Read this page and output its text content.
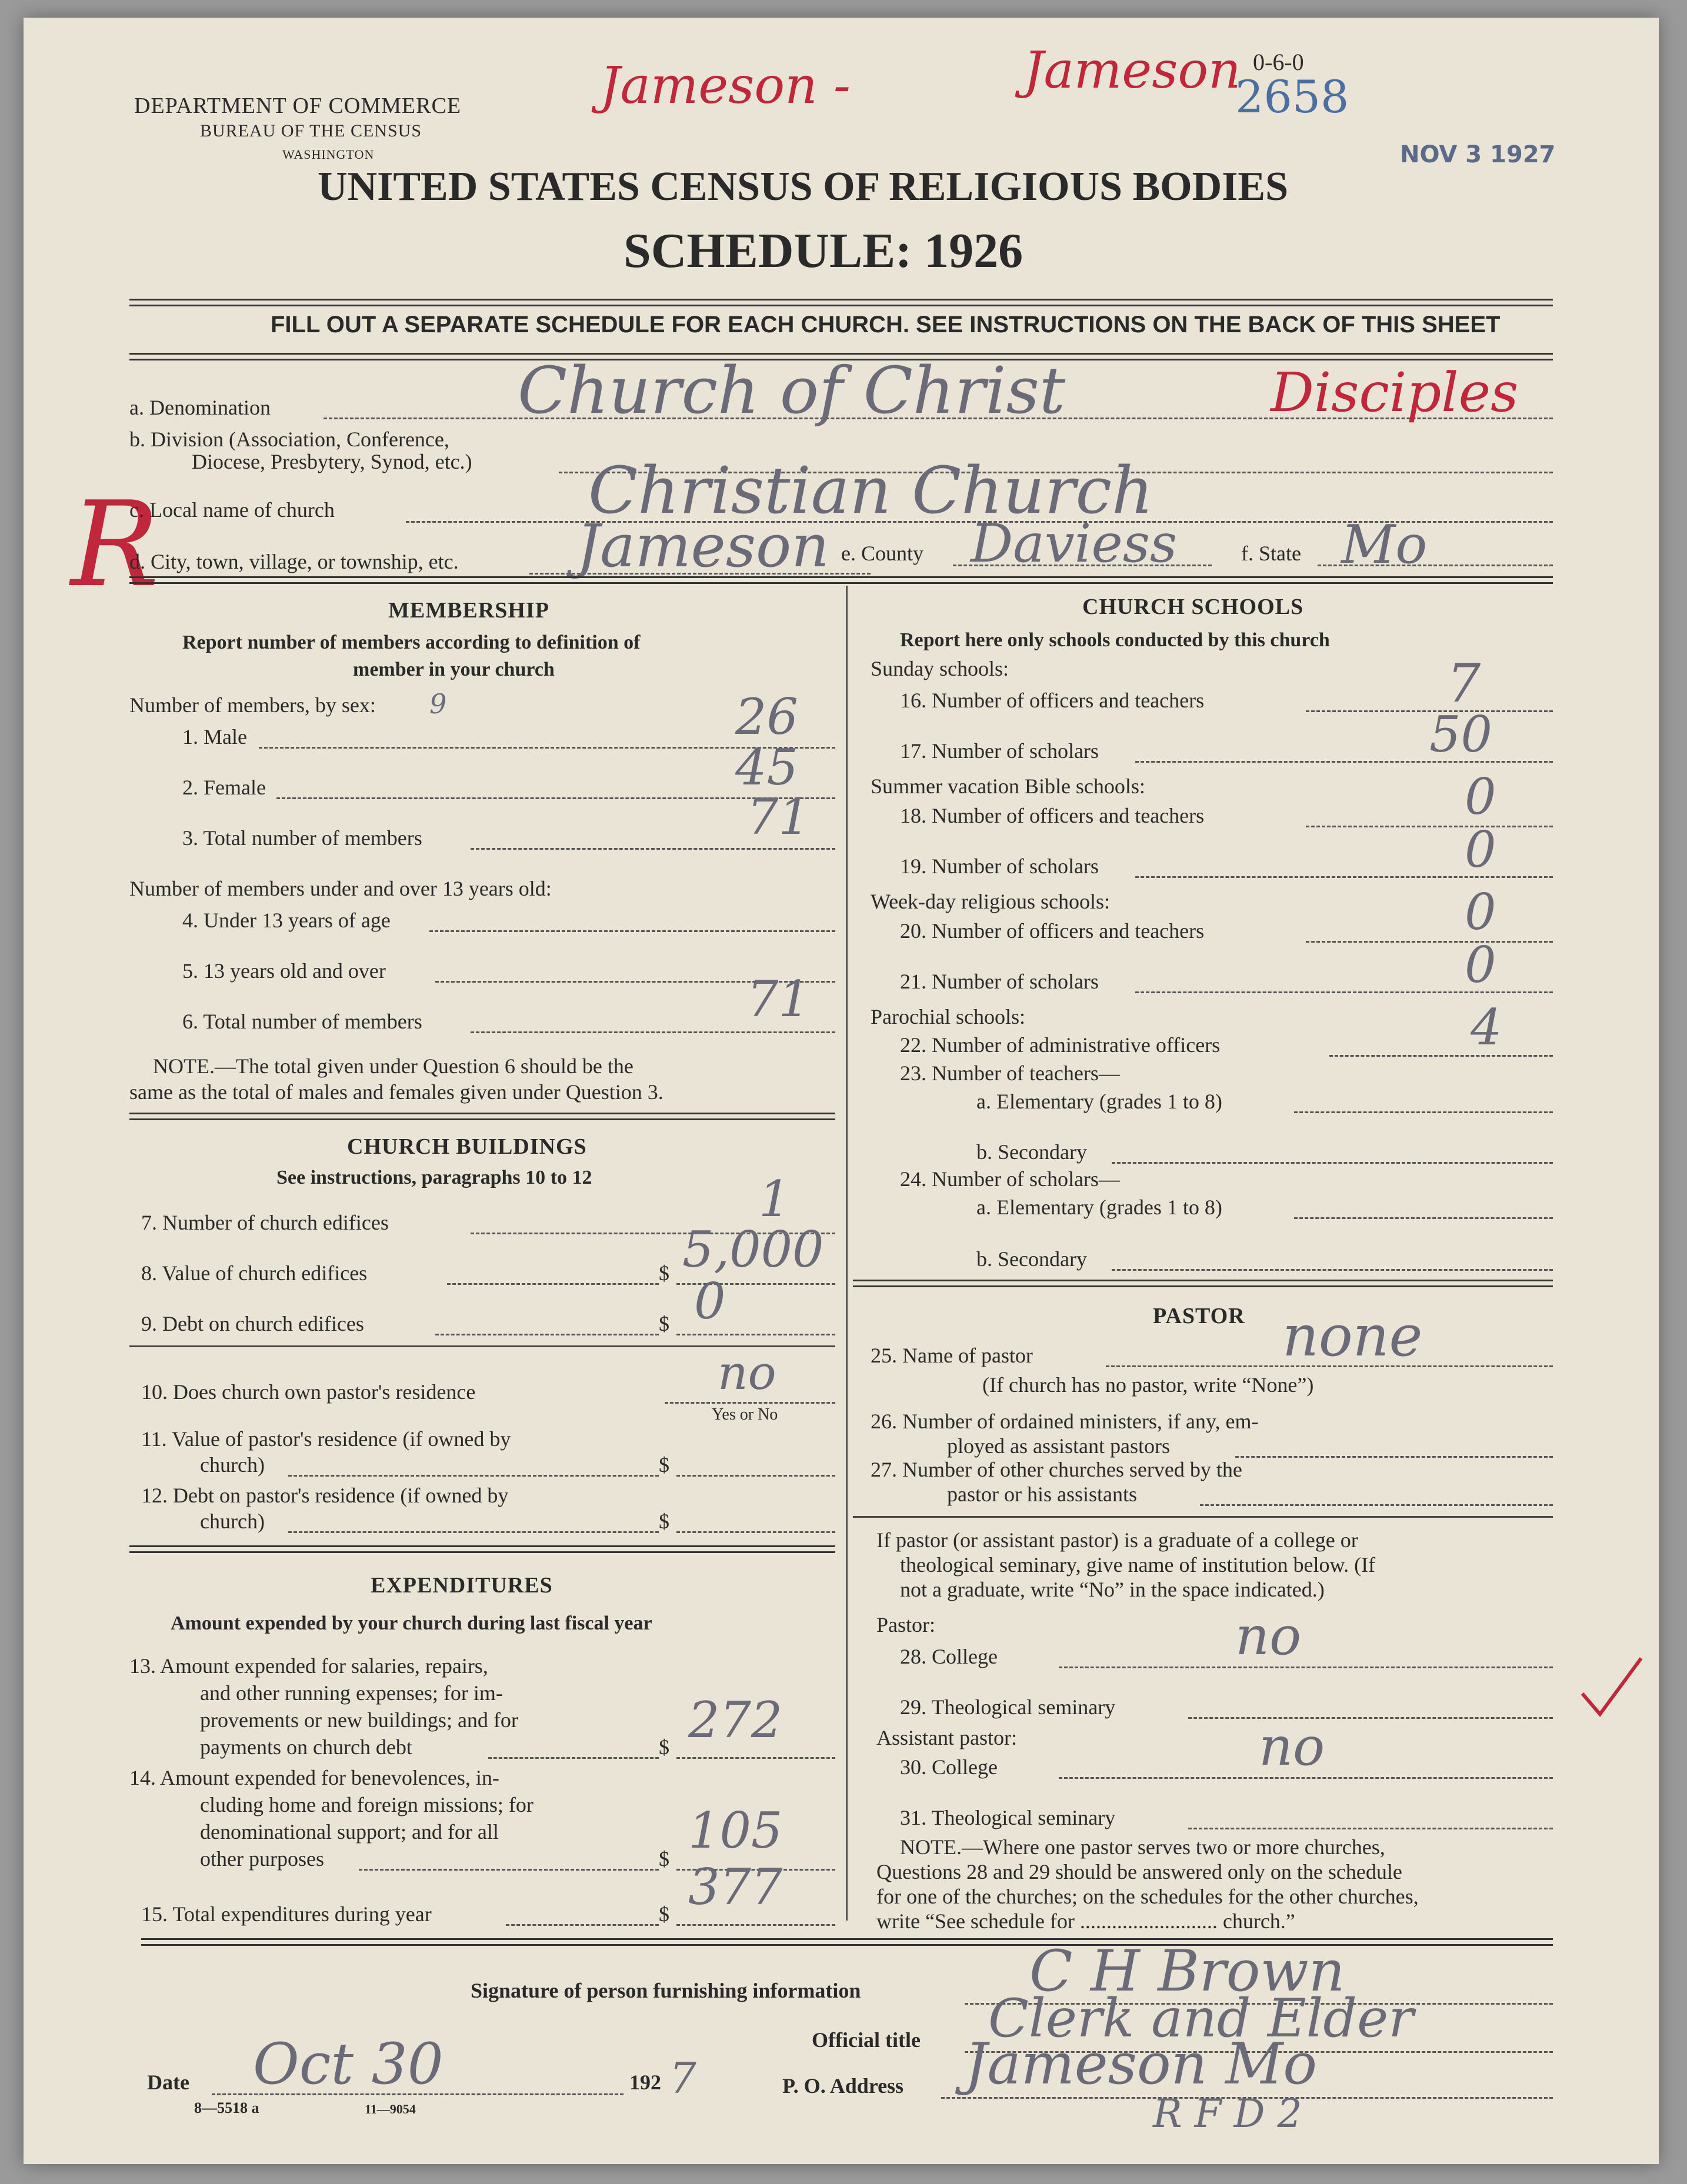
DEPARTMENT OF COMMERCE
BUREAU OF THE CENSUS
WASHINGTON
Jameson -	Jameson 0-6-0
2658
NOV 3 1927
UNITED STATES CENSUS OF RELIGIOUS BODIES
SCHEDULE: 1926
FILL OUT A SEPARATE SCHEDULE FOR EACH CHURCH. SEE INSTRUCTIONS ON THE BACK OF THIS SHEET
R
a. Denomination	Church of Christ	Disciples
b. Division (Association, Conference,
Diocese, Presbytery, Synod, etc.)
c. Local name of church	Christian Church
d. City, town, village, or township, etc. Jameson e. County Daviess	f. State Mo
MEMBERSHIP
Report number of members according to definition of
member in your church
Number of members, by sex: 9
1. Male	26
2. Female	45
3. Total number of members	71
Number of members under and over 13 years old:
4. Under 13 years of age
5. 13 years old and over
6. Total number of members	71
NOTE.—The total given under Question 6 should be the
same as the total of males and females given under Question 3.
CHURCH BUILDINGS
See instructions, paragraphs 10 to 12
7. Number of church edifices	1
8. Value of church edifices	$ 5,000
9. Debt on church edifices	$ 0
10. Does church own pastor's residence	no
Yes or No
11. Value of pastor's residence (if owned by
church)	$
12. Debt on pastor's residence (if owned by
church)	$
EXPENDITURES
Amount expended by your church during last fiscal year
13. Amount expended for salaries, repairs,
and other running expenses; for im-
provements or new buildings; and for
payments on church debt	$ 272
14. Amount expended for benevolences, in-
cluding home and foreign missions; for
denominational support; and for all
other purposes	$ 105
15. Total expenditures during year	$ 377
CHURCH SCHOOLS
Report here only schools conducted by this church
Sunday schools:
16. Number of officers and teachers	7
17. Number of scholars	50
Summer vacation Bible schools:
18. Number of officers and teachers	0
19. Number of scholars	0
Week-day religious schools:
20. Number of officers and teachers	0
21. Number of scholars	0
Parochial schools:
22. Number of administrative officers	4
23. Number of teachers—
a. Elementary (grades 1 to 8)
b. Secondary
24. Number of scholars—
a. Elementary (grades 1 to 8)
b. Secondary
PASTOR
25. Name of pastor	none
(If church has no pastor, write “None”)
26. Number of ordained ministers, if any, em-
ployed as assistant pastors
27. Number of other churches served by the
pastor or his assistants
If pastor (or assistant pastor) is a graduate of a college or
theological seminary, give name of institution below. (If
not a graduate, write “No” in the space indicated.)
Pastor:
28. College	no
29. Theological seminary
Assistant pastor:
30. College	no
31. Theological seminary
NOTE.—Where one pastor serves two or more churches,
Questions 28 and 29 should be answered only on the schedule
for one of the churches; on the schedules for the other churches,
write “See schedule for .......................... church.”
Signature of person furnishing information	C H Brown
Official title Clerk and Elder
Date Oct 30	192 7	P. O. Address Jameson Mo
R F D 2
8—5518 a	11—9054
